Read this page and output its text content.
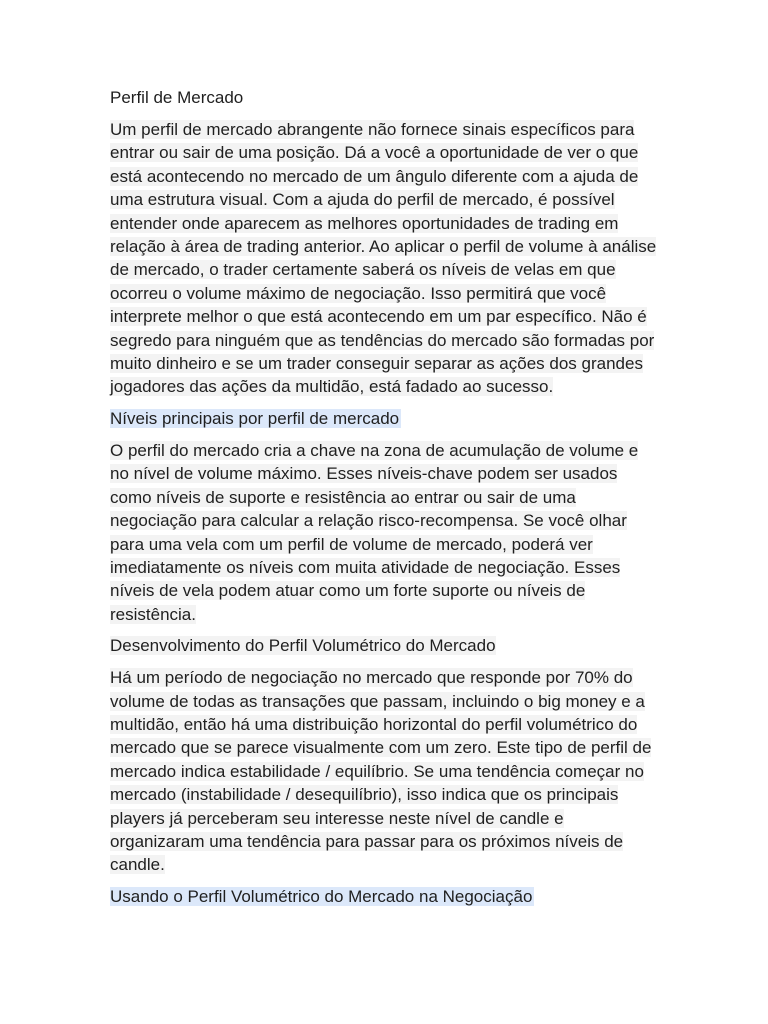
Perfil de Mercado

Um perfil de mercado abrangente não fornece sinais específicos para entrar ou sair de uma posição. Dá a você a oportunidade de ver o que está acontecendo no mercado de um ângulo diferente com a ajuda de uma estrutura visual. Com a ajuda do perfil de mercado, é possível entender onde aparecem as melhores oportunidades de trading em relação à área de trading anterior. Ao aplicar o perfil de volume à análise de mercado, o trader certamente saberá os níveis de velas em que ocorreu o volume máximo de negociação. Isso permitirá que você interprete melhor o que está acontecendo em um par específico. Não é segredo para ninguém que as tendências do mercado são formadas por muito dinheiro e se um trader conseguir separar as ações dos grandes jogadores das ações da multidão, está fadado ao sucesso.

Níveis principais por perfil de mercado

O perfil do mercado cria a chave na zona de acumulação de volume e no nível de volume máximo. Esses níveis-chave podem ser usados como níveis de suporte e resistência ao entrar ou sair de uma negociação para calcular a relação risco-recompensa. Se você olhar para uma vela com um perfil de volume de mercado, poderá ver imediatamente os níveis com muita atividade de negociação. Esses níveis de vela podem atuar como um forte suporte ou níveis de resistência.

Desenvolvimento do Perfil Volumétrico do Mercado

Há um período de negociação no mercado que responde por 70% do volume de todas as transações que passam, incluindo o big money e a multidão, então há uma distribuição horizontal do perfil volumétrico do mercado que se parece visualmente com um zero. Este tipo de perfil de mercado indica estabilidade / equilíbrio. Se uma tendência começar no mercado (instabilidade / desequilíbrio), isso indica que os principais players já perceberam seu interesse neste nível de candle e organizaram uma tendência para passar para os próximos níveis de candle.

Usando o Perfil Volumétrico do Mercado na Negociação
